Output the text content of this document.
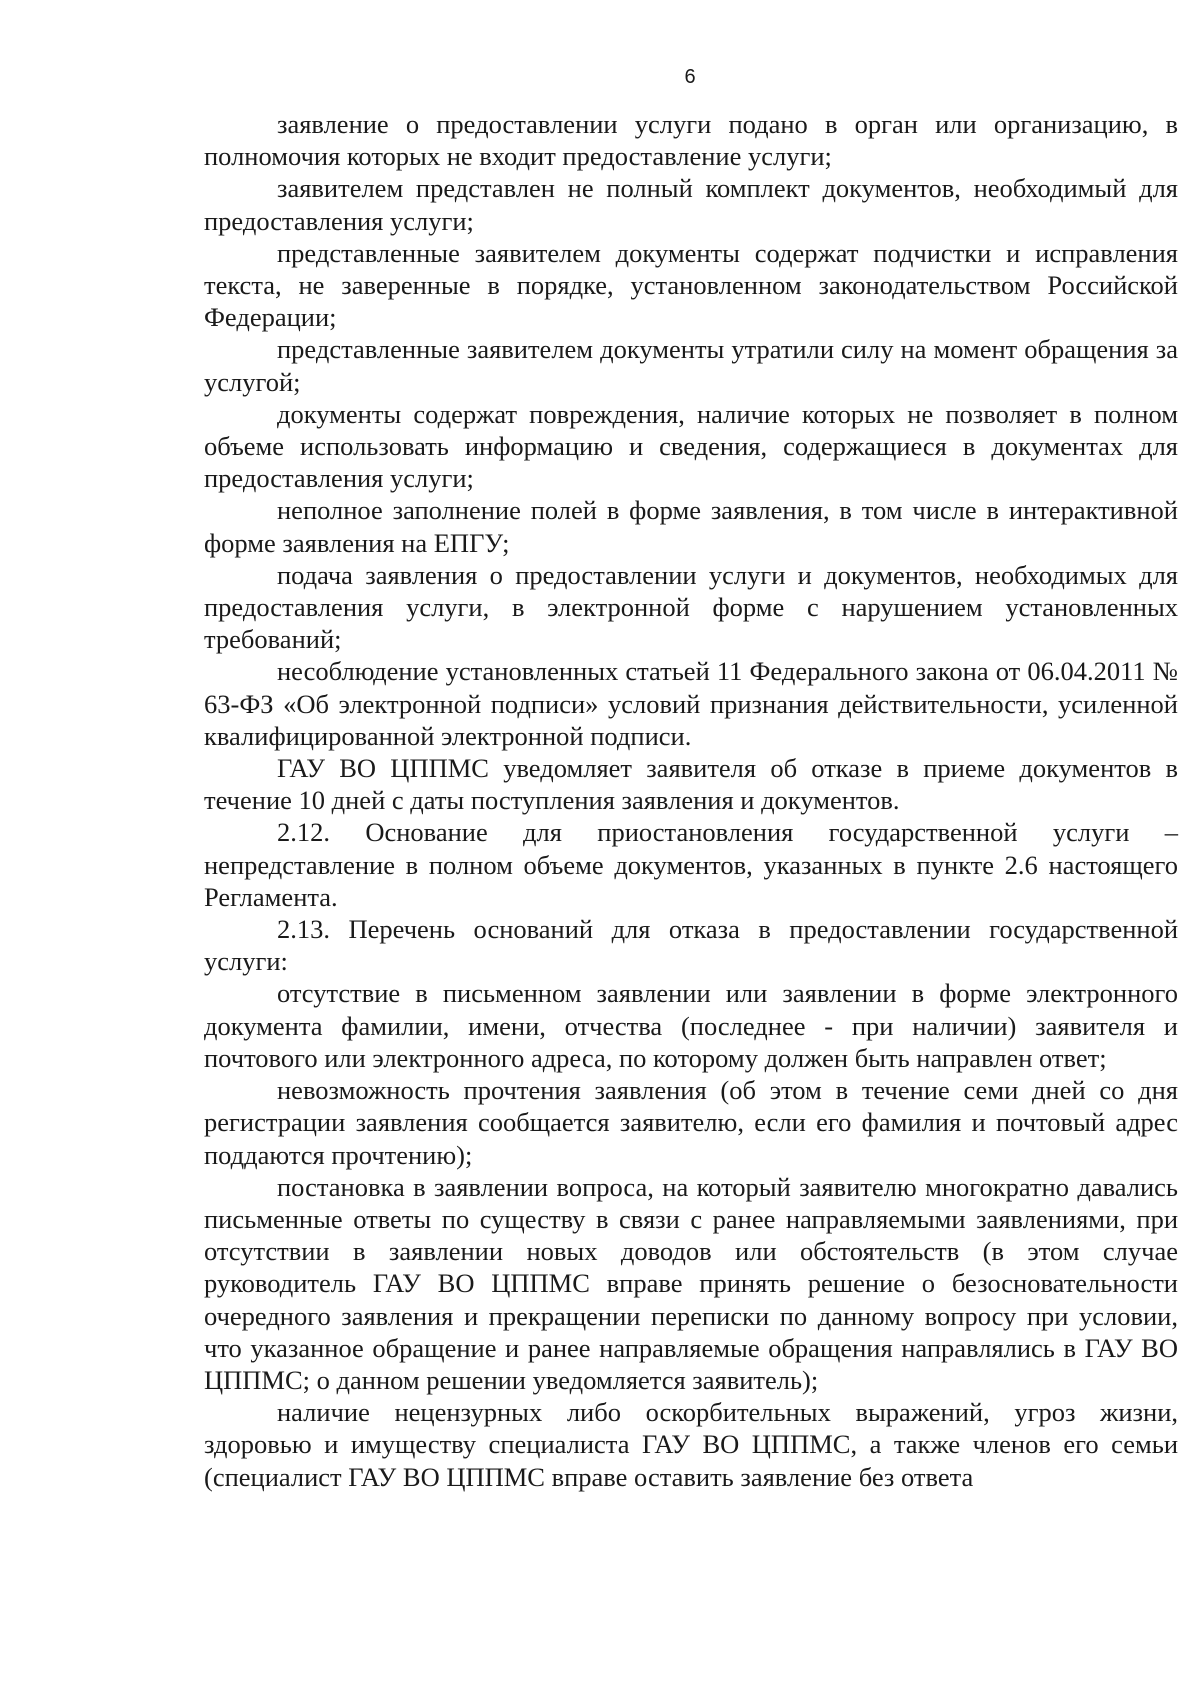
6

заявление о предоставлении услуги подано в орган или организацию, в полномочия которых не входит предоставление услуги;

заявителем представлен не полный комплект документов, необходимый для предоставления услуги;

представленные заявителем документы содержат подчистки и исправления текста, не заверенные в порядке, установленном законодательством Российской Федерации;

представленные заявителем документы утратили силу на момент обращения за услугой;

документы содержат повреждения, наличие которых не позволяет в полном объеме использовать информацию и сведения, содержащиеся в документах для предоставления услуги;

неполное заполнение полей в форме заявления, в том числе в интерактивной форме заявления на ЕПГУ;

подача заявления о предоставлении услуги и документов, необходимых для предоставления услуги, в электронной форме с нарушением установленных требований;

несоблюдение установленных статьей 11 Федерального закона от 06.04.2011 № 63-ФЗ «Об электронной подписи» условий признания действительности, усиленной квалифицированной электронной подписи.

ГАУ ВО ЦППМС уведомляет заявителя об отказе в приеме документов в течение 10 дней с даты поступления заявления и документов.

2.12. Основание для приостановления государственной услуги – непредставление в полном объеме документов, указанных в пункте 2.6 настоящего Регламента.

2.13. Перечень оснований для отказа в предоставлении государственной услуги:

отсутствие в письменном заявлении или заявлении в форме электронного документа фамилии, имени, отчества (последнее - при наличии) заявителя и почтового или электронного адреса, по которому должен быть направлен ответ;

невозможность прочтения заявления (об этом в течение семи дней со дня регистрации заявления сообщается заявителю, если его фамилия и почтовый адрес поддаются прочтению);

постановка в заявлении вопроса, на который заявителю многократно давались письменные ответы по существу в связи с ранее направляемыми заявлениями, при отсутствии в заявлении новых доводов или обстоятельств (в этом случае руководитель ГАУ ВО ЦППМС вправе принять решение о безосновательности очередного заявления и прекращении переписки по данному вопросу при условии, что указанное обращение и ранее направляемые обращения направлялись в ГАУ ВО ЦППМС; о данном решении уведомляется заявитель);

наличие нецензурных либо оскорбительных выражений, угроз жизни, здоровью и имуществу специалиста ГАУ ВО ЦППМС, а также членов его семьи (специалист ГАУ ВО ЦППМС вправе оставить заявление без ответа
